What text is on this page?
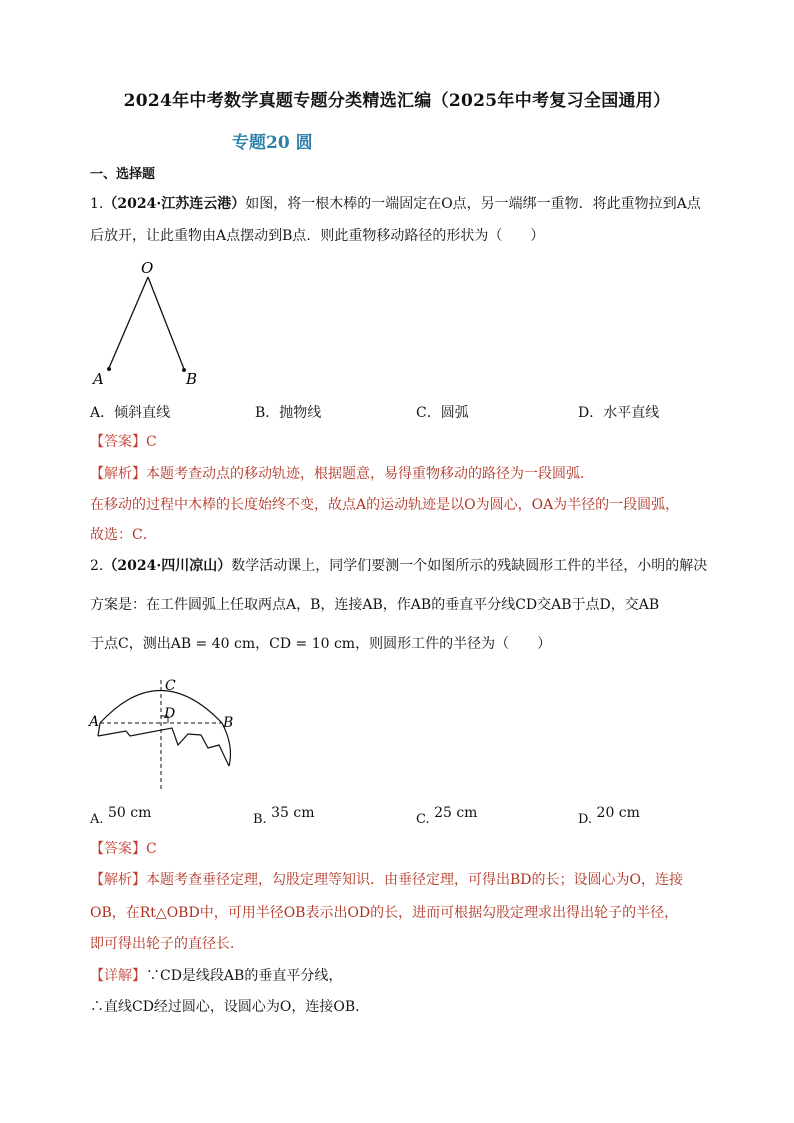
2024年中考数学真题专题分类精选汇编（2025年中考复习全国通用）
专题20 圆
一、选择题
1.（2024·江苏连云港）如图，将一根木棒的一端固定在O点，另一端绑一重物．将此重物拉到A点
后放开，让此重物由A点摆动到B点．则此重物移动路径的形状为（　　）
O
A	B
A．倾斜直线	B．抛物线	C．圆弧	D．水平直线
【答案】C
【解析】本题考查动点的移动轨迹，根据题意，易得重物移动的路径为一段圆弧．
在移动的过程中木棒的长度始终不变，故点A的运动轨迹是以O为圆心，OA为半径的一段圆弧，
故选：C．
2.（2024·四川凉山）数学活动课上，同学们要测一个如图所示的残缺圆形工件的半径，小明的解决
方案是：在工件圆弧上任取两点A，B，连接AB，作AB的垂直平分线CD交AB于点D，交AB
于点C，测出AB = 40 cm，CD = 10 cm，则圆形工件的半径为（　　）
A	B
C
D
A. 50 cm	B. 35 cm	C. 25 cm	D. 20 cm
【答案】C
【解析】本题考查垂径定理，勾股定理等知识．由垂径定理，可得出BD的长；设圆心为O，连接
OB，在Rt△OBD中，可用半径OB表示出OD的长，进而可根据勾股定理求出得出轮子的半径，
即可得出轮子的直径长．
【详解】∵CD是线段AB的垂直平分线，
∴直线CD经过圆心，设圆心为O，连接OB．
